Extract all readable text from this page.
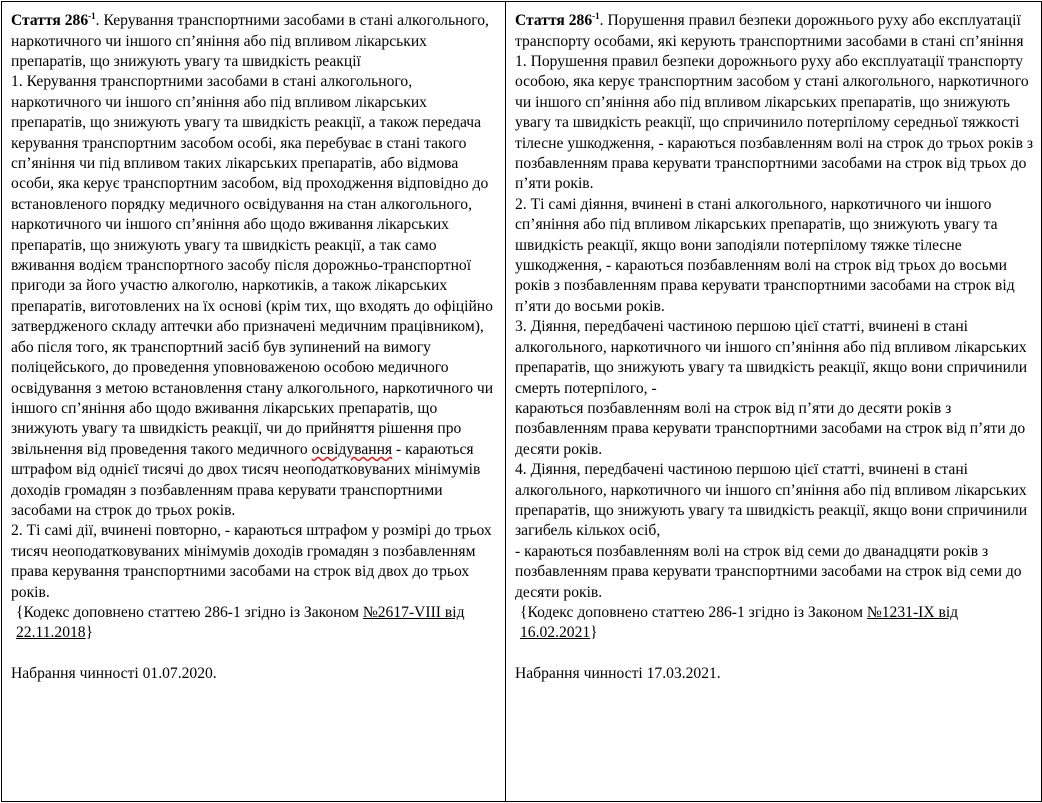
Стаття $286^{-1}$. Керування транспортними засобами в стані алкогольного, наркотичного чи іншого сп’яніння або під впливом лікарських препаратів, що знижують увагу та швидкість реакції

1. Керування транспортними засобами в стані алкогольного, наркотичного чи іншого сп’яніння або під впливом лікарських препаратів, що знижують увагу та швидкість реакції, а також передача керування транспортним засобом особі, яка перебуває в стані такого сп’яніння чи під впливом таких лікарських препаратів, або відмова особи, яка керує транспортним засобом, від проходження відповідно до встановленого порядку медичного освідування на стан алкогольного, наркотичного чи іншого сп’яніння або щодо вживання лікарських препаратів, що знижують увагу та швидкість реакції, а так само вживання водієм транспортного засобу після дорожньо-транспортної пригоди за його участю алкоголю, наркотиків, а також лікарських препаратів, виготовлених на їх основі (крім тих, що входять до офіційно затвердженого складу аптечки або призначені медичним працівником), або після того, як транспортний засіб був зупинений на вимогу поліцейського, до проведення уповноваженою особою медичного освідування з метою встановлення стану алкогольного, наркотичного чи іншого сп’яніння або щодо вживання лікарських препаратів, що знижують увагу та швидкість реакції, чи до прийняття рішення про звільнення від проведення такого медичного освідування - караються штрафом від однієї тисячі до двох тисяч неоподатковуваних мінімумів доходів громадян з позбавленням права керувати транспортними засобами на строк до трьох років.

2. Ті самі дії, вчинені повторно, - караються штрафом у розмірі до трьох тисяч неоподатковуваних мінімумів доходів громадян з позбавленням права керування транспортними засобами на строк від двох до трьох років.

{Кодекс доповнено статтею 286-1 згідно із Законом №2617-VIII від 22.11.2018}

Набрання чинності 01.07.2020.

Стаття $286^{-1}$. Порушення правил безпеки дорожнього руху або експлуатації транспорту особами, які керують транспортними засобами в стані сп’яніння

1. Порушення правил безпеки дорожнього руху або експлуатації транспорту особою, яка керує транспортним засобом у стані алкогольного, наркотичного чи іншого сп’яніння або під впливом лікарських препаратів, що знижують увагу та швидкість реакції, що спричинило потерпілому середньої тяжкості тілесне ушкодження, - караються позбавленням волі на строк до трьох років з позбавленням права керувати транспортними засобами на строк від трьох до п’яти років.

2. Ті самі діяння, вчинені в стані алкогольного, наркотичного чи іншого сп’яніння або під впливом лікарських препаратів, що знижують увагу та швидкість реакції, якщо вони заподіяли потерпілому тяжке тілесне ушкодження, - караються позбавленням волі на строк від трьох до восьми років з позбавленням права керувати транспортними засобами на строк від п’яти до восьми років.

3. Діяння, передбачені частиною першою цієї статті, вчинені в стані алкогольного, наркотичного чи іншого сп’яніння або під впливом лікарських препаратів, що знижують увагу та швидкість реакції, якщо вони спричинили смерть потерпілого, -
караються позбавленням волі на строк від п’яти до десяти років з позбавленням права керувати транспортними засобами на строк від п’яти до десяти років.

4. Діяння, передбачені частиною першою цієї статті, вчинені в стані алкогольного, наркотичного чи іншого сп’яніння або під впливом лікарських препаратів, що знижують увагу та швидкість реакції, якщо вони спричинили загибель кількох осіб,
- караються позбавленням волі на строк від семи до дванадцяти років з позбавленням права керувати транспортними засобами на строк від семи до десяти років.

{Кодекс доповнено статтею 286-1 згідно із Законом №1231-IX від 16.02.2021}

Набрання чинності 17.03.2021.
